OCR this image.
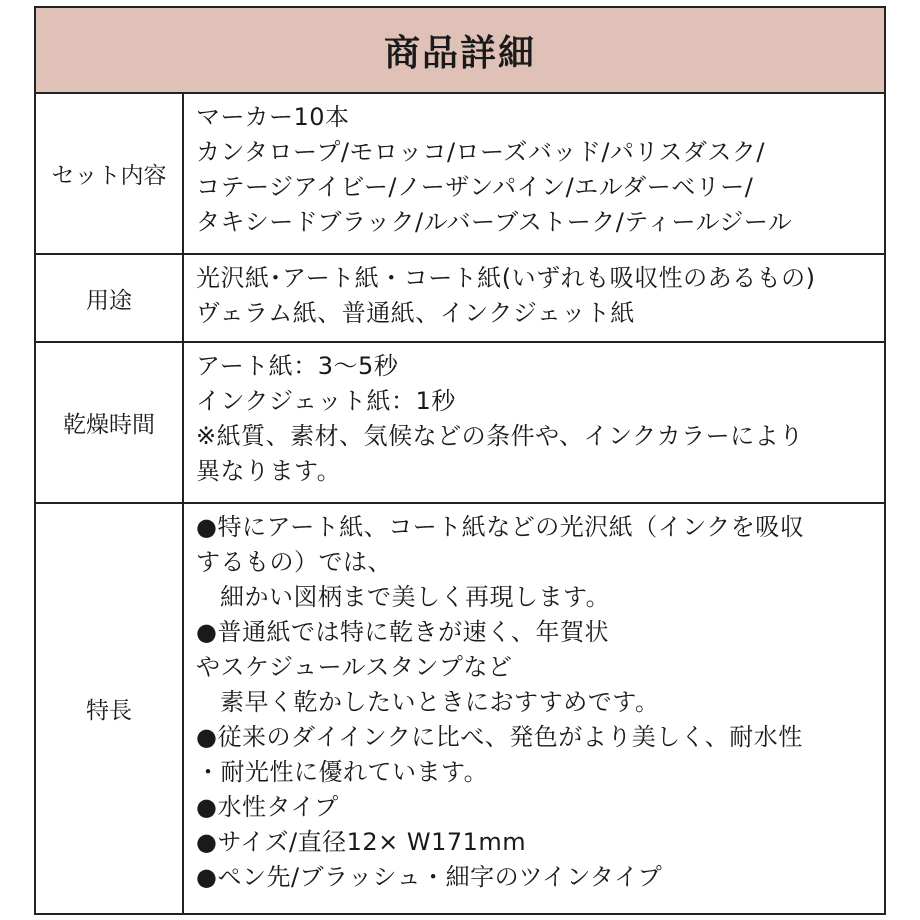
商品詳細
セット内容
マーカー10本
カンタロープ/モロッコ/ローズバッド/パリスダスク/
コテージアイビー/ノーザンパイン/エルダーベリー/
タキシードブラック/ルバーブストーク/ティールジール
用途
光沢紙･アート紙・コート紙(いずれも吸収性のあるもの)
ヴェラム紙、普通紙、インクジェット紙
乾燥時間
アート紙：3〜5秒
インクジェット紙：1秒
※紙質、素材、気候などの条件や、インクカラーにより
異なります。
特長
●特にアート紙、コート紙などの光沢紙（インクを吸収
するもの）では、
細かい図柄まで美しく再現します。
●普通紙では特に乾きが速く、年賀状
やスケジュールスタンプなど
素早く乾かしたいときにおすすめです。
●従来のダイインクに比べ、発色がより美しく、耐水性
・耐光性に優れています。
●水性タイプ
●サイズ/直径12× W171mm
●ペン先/ブラッシュ・細字のツインタイプ
